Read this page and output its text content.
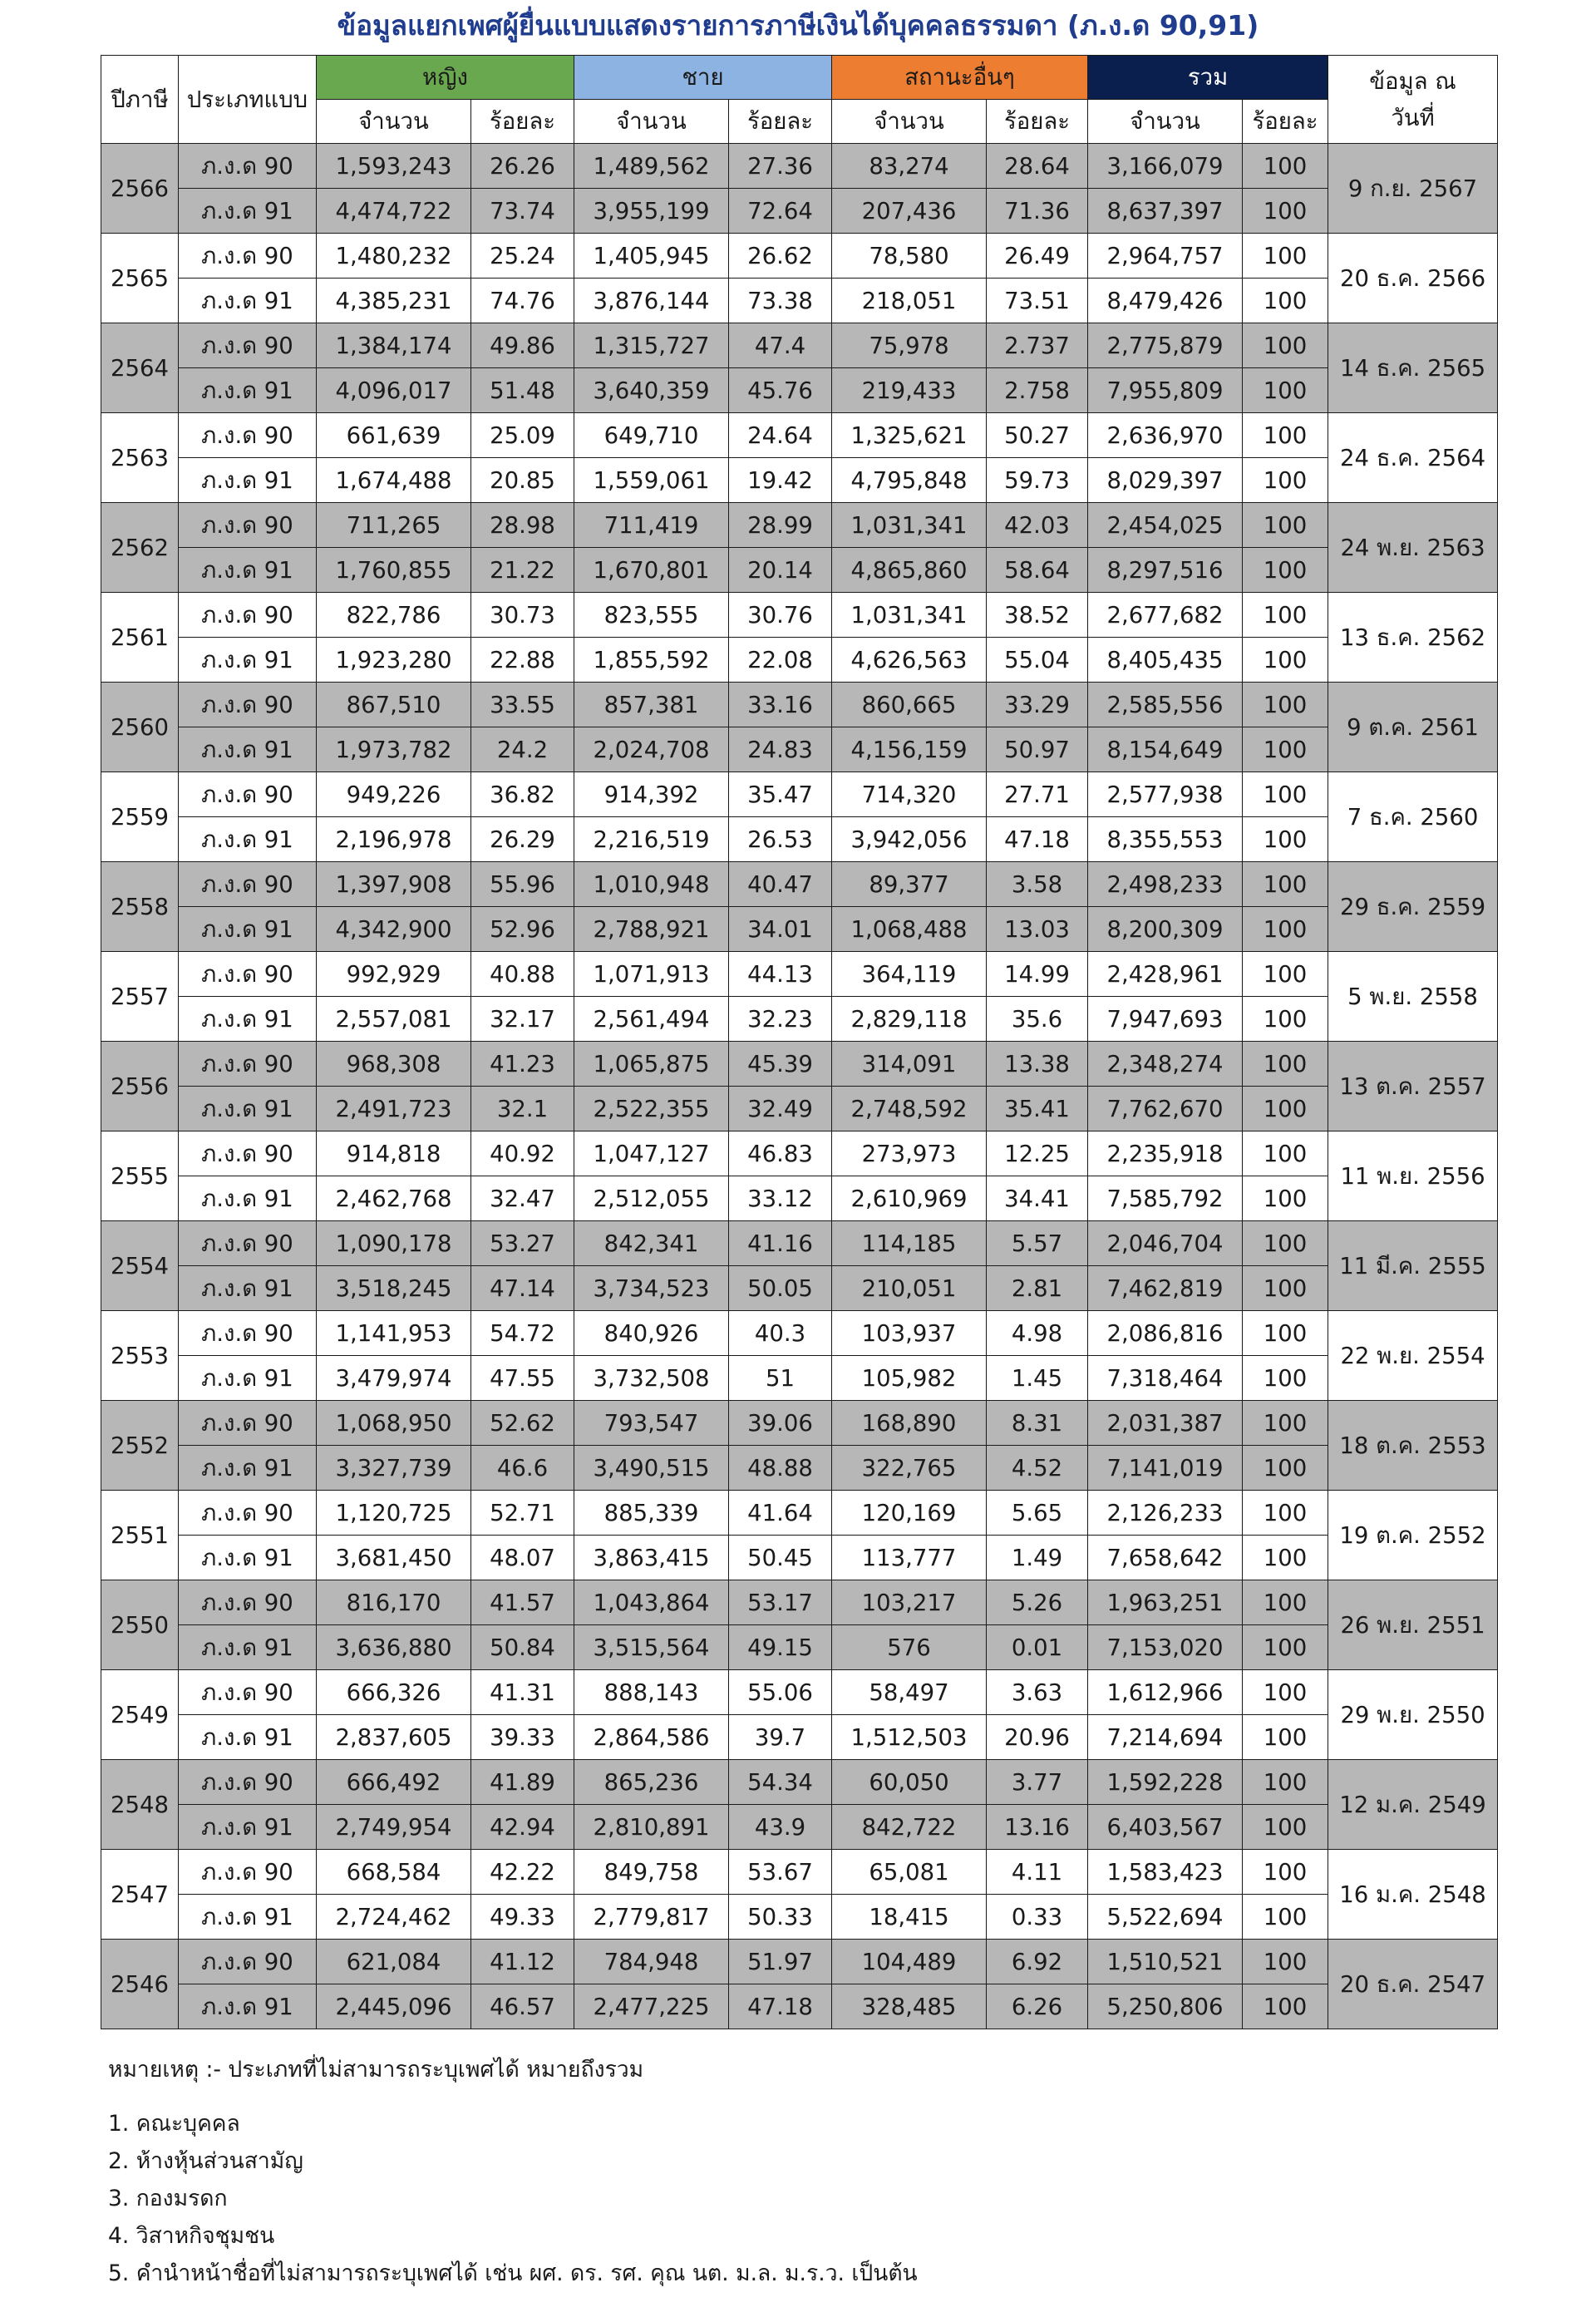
ข้อมูลแยกเพศผู้ยื่นแบบแสดงรายการภาษีเงินได้บุคคลธรรมดา (ภ.ง.ด 90,91)
ปีภาษี	ประเภทแบบ	หญิง		ชาย		สถานะอื่นๆ		รวม		ข้อมูล ณ
วันที่

		จำนวน	ร้อยละ	จำนวน	ร้อยละ	จำนวน	ร้อยละ	จำนวน	ร้อยละ	
2566	ภ.ง.ด 90	1,593,243	26.26	1,489,562	27.36	83,274	28.64	3,166,079	100	9 ก.ย. 2567
	ภ.ง.ด 91	4,474,722	73.74	3,955,199	72.64	207,436	71.36	8,637,397	100	
2565	ภ.ง.ด 90	1,480,232	25.24	1,405,945	26.62	78,580	26.49	2,964,757	100	20 ธ.ค. 2566
	ภ.ง.ด 91	4,385,231	74.76	3,876,144	73.38	218,051	73.51	8,479,426	100	
2564	ภ.ง.ด 90	1,384,174	49.86	1,315,727	47.4	75,978	2.737	2,775,879	100	14 ธ.ค. 2565
	ภ.ง.ด 91	4,096,017	51.48	3,640,359	45.76	219,433	2.758	7,955,809	100	
2563	ภ.ง.ด 90	661,639	25.09	649,710	24.64	1,325,621	50.27	2,636,970	100	24 ธ.ค. 2564
	ภ.ง.ด 91	1,674,488	20.85	1,559,061	19.42	4,795,848	59.73	8,029,397	100	
2562	ภ.ง.ด 90	711,265	28.98	711,419	28.99	1,031,341	42.03	2,454,025	100	24 พ.ย. 2563
	ภ.ง.ด 91	1,760,855	21.22	1,670,801	20.14	4,865,860	58.64	8,297,516	100	
2561	ภ.ง.ด 90	822,786	30.73	823,555	30.76	1,031,341	38.52	2,677,682	100	13 ธ.ค. 2562
	ภ.ง.ด 91	1,923,280	22.88	1,855,592	22.08	4,626,563	55.04	8,405,435	100	
2560	ภ.ง.ด 90	867,510	33.55	857,381	33.16	860,665	33.29	2,585,556	100	9 ต.ค. 2561
	ภ.ง.ด 91	1,973,782	24.2	2,024,708	24.83	4,156,159	50.97	8,154,649	100	
2559	ภ.ง.ด 90	949,226	36.82	914,392	35.47	714,320	27.71	2,577,938	100	7 ธ.ค. 2560
	ภ.ง.ด 91	2,196,978	26.29	2,216,519	26.53	3,942,056	47.18	8,355,553	100	
2558	ภ.ง.ด 90	1,397,908	55.96	1,010,948	40.47	89,377	3.58	2,498,233	100	29 ธ.ค. 2559
	ภ.ง.ด 91	4,342,900	52.96	2,788,921	34.01	1,068,488	13.03	8,200,309	100	
2557	ภ.ง.ด 90	992,929	40.88	1,071,913	44.13	364,119	14.99	2,428,961	100	5 พ.ย. 2558
	ภ.ง.ด 91	2,557,081	32.17	2,561,494	32.23	2,829,118	35.6	7,947,693	100	
2556	ภ.ง.ด 90	968,308	41.23	1,065,875	45.39	314,091	13.38	2,348,274	100	13 ต.ค. 2557
	ภ.ง.ด 91	2,491,723	32.1	2,522,355	32.49	2,748,592	35.41	7,762,670	100	
2555	ภ.ง.ด 90	914,818	40.92	1,047,127	46.83	273,973	12.25	2,235,918	100	11 พ.ย. 2556
	ภ.ง.ด 91	2,462,768	32.47	2,512,055	33.12	2,610,969	34.41	7,585,792	100	
2554	ภ.ง.ด 90	1,090,178	53.27	842,341	41.16	114,185	5.57	2,046,704	100	11 มี.ค. 2555
	ภ.ง.ด 91	3,518,245	47.14	3,734,523	50.05	210,051	2.81	7,462,819	100	
2553	ภ.ง.ด 90	1,141,953	54.72	840,926	40.3	103,937	4.98	2,086,816	100	22 พ.ย. 2554
	ภ.ง.ด 91	3,479,974	47.55	3,732,508	51	105,982	1.45	7,318,464	100	
2552	ภ.ง.ด 90	1,068,950	52.62	793,547	39.06	168,890	8.31	2,031,387	100	18 ต.ค. 2553
	ภ.ง.ด 91	3,327,739	46.6	3,490,515	48.88	322,765	4.52	7,141,019	100	
2551	ภ.ง.ด 90	1,120,725	52.71	885,339	41.64	120,169	5.65	2,126,233	100	19 ต.ค. 2552
	ภ.ง.ด 91	3,681,450	48.07	3,863,415	50.45	113,777	1.49	7,658,642	100	
2550	ภ.ง.ด 90	816,170	41.57	1,043,864	53.17	103,217	5.26	1,963,251	100	26 พ.ย. 2551
	ภ.ง.ด 91	3,636,880	50.84	3,515,564	49.15	576	0.01	7,153,020	100	
2549	ภ.ง.ด 90	666,326	41.31	888,143	55.06	58,497	3.63	1,612,966	100	29 พ.ย. 2550
	ภ.ง.ด 91	2,837,605	39.33	2,864,586	39.7	1,512,503	20.96	7,214,694	100	
2548	ภ.ง.ด 90	666,492	41.89	865,236	54.34	60,050	3.77	1,592,228	100	12 ม.ค. 2549
	ภ.ง.ด 91	2,749,954	42.94	2,810,891	43.9	842,722	13.16	6,403,567	100	
2547	ภ.ง.ด 90	668,584	42.22	849,758	53.67	65,081	4.11	1,583,423	100	16 ม.ค. 2548
	ภ.ง.ด 91	2,724,462	49.33	2,779,817	50.33	18,415	0.33	5,522,694	100	
2546	ภ.ง.ด 90	621,084	41.12	784,948	51.97	104,489	6.92	1,510,521	100	20 ธ.ค. 2547
	ภ.ง.ด 91	2,445,096	46.57	2,477,225	47.18	328,485	6.26	5,250,806	100	
หมายเหตุ :- ประเภทที่ไม่สามารถระบุเพศได้ หมายถึงรวม
1. คณะบุคคล
2. ห้างหุ้นส่วนสามัญ
3. กองมรดก
4. วิสาหกิจชุมชน
5. คำนำหน้าชื่อที่ไม่สามารถระบุเพศได้ เช่น ผศ. ดร. รศ. คุณ นต. ม.ล. ม.ร.ว. เป็นต้น
